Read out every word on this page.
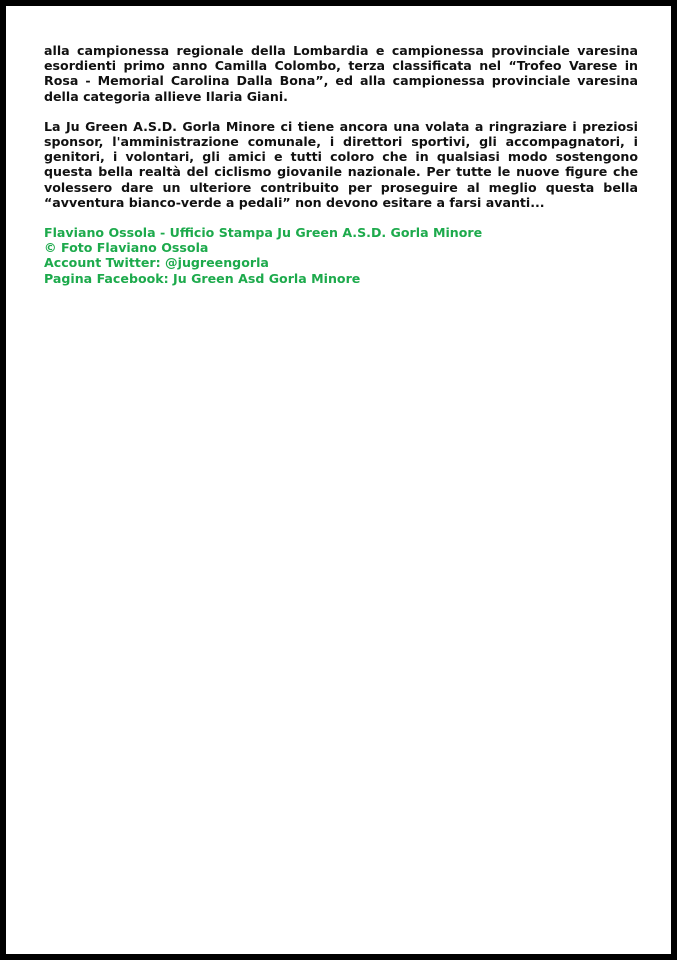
alla campionessa regionale della Lombardia e campionessa provinciale varesina esordienti primo anno Camilla Colombo, terza classificata nel “Trofeo Varese in Rosa - Memorial Carolina Dalla Bona”, ed alla campionessa provinciale varesina della categoria allieve Ilaria Giani.

La Ju Green A.S.D. Gorla Minore ci tiene ancora una volata a ringraziare i preziosi sponsor, l'amministrazione comunale, i direttori sportivi, gli accompagnatori, i genitori, i volontari, gli amici e tutti coloro che in qualsiasi modo sostengono questa bella realtà del ciclismo giovanile nazionale. Per tutte le nuove figure che volessero dare un ulteriore contribuito per proseguire al meglio questa bella “avventura bianco-verde a pedali” non devono esitare a farsi avanti...

Flaviano Ossola - Ufficio Stampa Ju Green A.S.D. Gorla Minore
© Foto Flaviano Ossola
Account Twitter: @jugreengorla
Pagina Facebook: Ju Green Asd Gorla Minore
